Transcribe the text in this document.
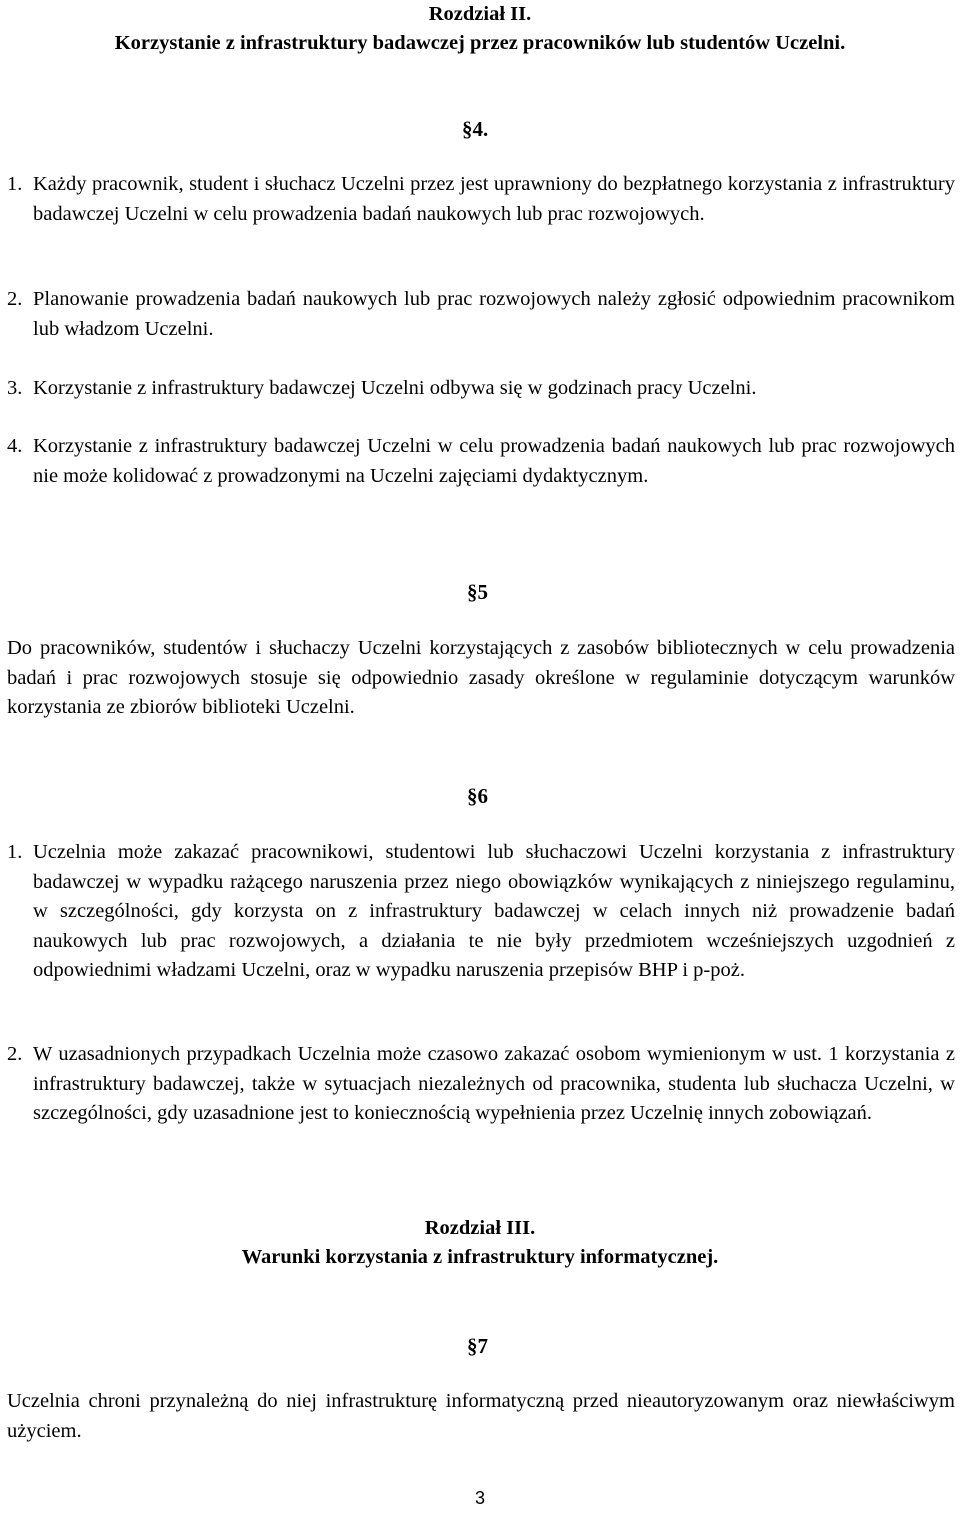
Rozdział II.
Korzystanie z infrastruktury badawczej przez pracowników lub studentów Uczelni.
§4.
1. Każdy pracownik, student i słuchacz Uczelni przez jest uprawniony do bezpłatnego korzystania z infrastruktury badawczej Uczelni w celu prowadzenia badań naukowych lub prac rozwojowych.
2. Planowanie prowadzenia badań naukowych lub prac rozwojowych należy zgłosić odpowiednim pracownikom lub władzom Uczelni.
3. Korzystanie z infrastruktury badawczej Uczelni odbywa się w godzinach pracy Uczelni.
4. Korzystanie z infrastruktury badawczej Uczelni w celu prowadzenia badań naukowych lub prac rozwojowych nie może kolidować z prowadzonymi na Uczelni zajęciami dydaktycznym.
§5
Do pracowników, studentów i słuchaczy Uczelni korzystających z zasobów bibliotecznych w celu prowadzenia badań i prac rozwojowych stosuje się odpowiednio zasady określone w regulaminie dotyczącym warunków korzystania ze zbiorów biblioteki Uczelni.
§6
1. Uczelnia może zakazać pracownikowi, studentowi lub słuchaczowi Uczelni korzystania z infrastruktury badawczej w wypadku rażącego naruszenia przez niego obowiązków wynikających z niniejszego regulaminu, w szczególności, gdy korzysta on z infrastruktury badawczej w celach innych niż prowadzenie badań naukowych lub prac rozwojowych, a działania te nie były przedmiotem wcześniejszych uzgodnień z odpowiednimi władzami Uczelni, oraz w wypadku naruszenia przepisów BHP i p-poż.
2. W uzasadnionych przypadkach Uczelnia może czasowo zakazać osobom wymienionym w ust. 1 korzystania z infrastruktury badawczej, także w sytuacjach niezależnych od pracownika, studenta lub słuchacza Uczelni, w szczególności, gdy uzasadnione jest to koniecznością wypełnienia przez Uczelnię innych zobowiązań.
Rozdział III.
Warunki korzystania z infrastruktury informatycznej.
§7
Uczelnia chroni przynależną do niej infrastrukturę informatyczną przed nieautoryzowanym oraz niewłaściwym użyciem.
3
